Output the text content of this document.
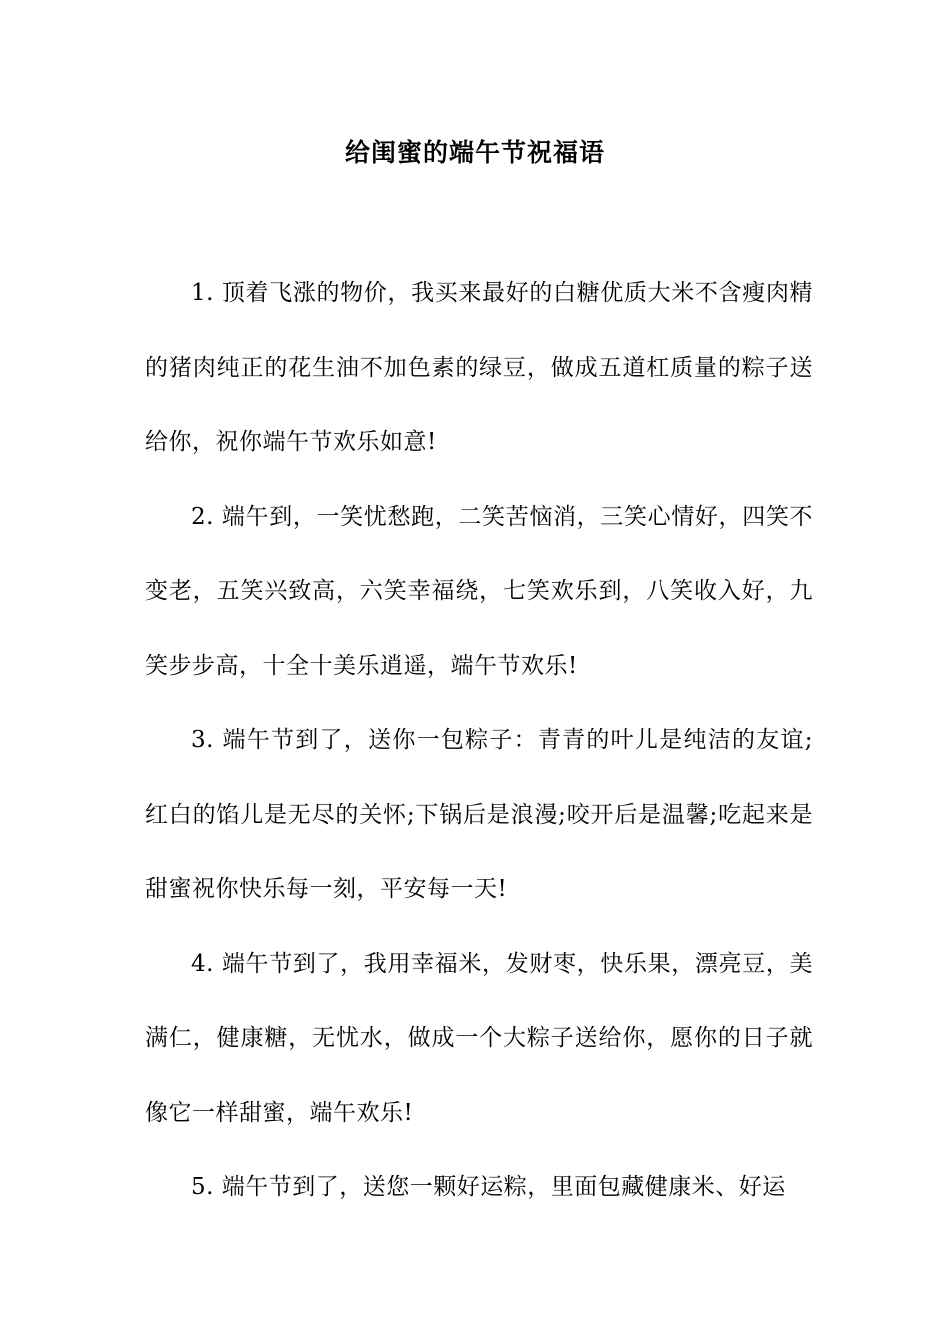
给闺蜜的端午节祝福语

1. 顶着飞涨的物价，我买来最好的白糖优质大米不含瘦肉精的猪肉纯正的花生油不加色素的绿豆，做成五道杠质量的粽子送给你，祝你端午节欢乐如意!

2. 端午到，一笑忧愁跑，二笑苦恼消，三笑心情好，四笑不变老，五笑兴致高，六笑幸福绕，七笑欢乐到，八笑收入好，九笑步步高，十全十美乐逍遥，端午节欢乐!

3. 端午节到了，送你一包粽子：青青的叶儿是纯洁的友谊;红白的馅儿是无尽的关怀;下锅后是浪漫;咬开后是温馨;吃起来是甜蜜祝你快乐每一刻，平安每一天!

4. 端午节到了，我用幸福米，发财枣，快乐果，漂亮豆，美满仁，健康糖，无忧水，做成一个大粽子送给你，愿你的日子就像它一样甜蜜，端午欢乐!

5. 端午节到了，送您一颗好运粽，里面包藏健康米、好运
